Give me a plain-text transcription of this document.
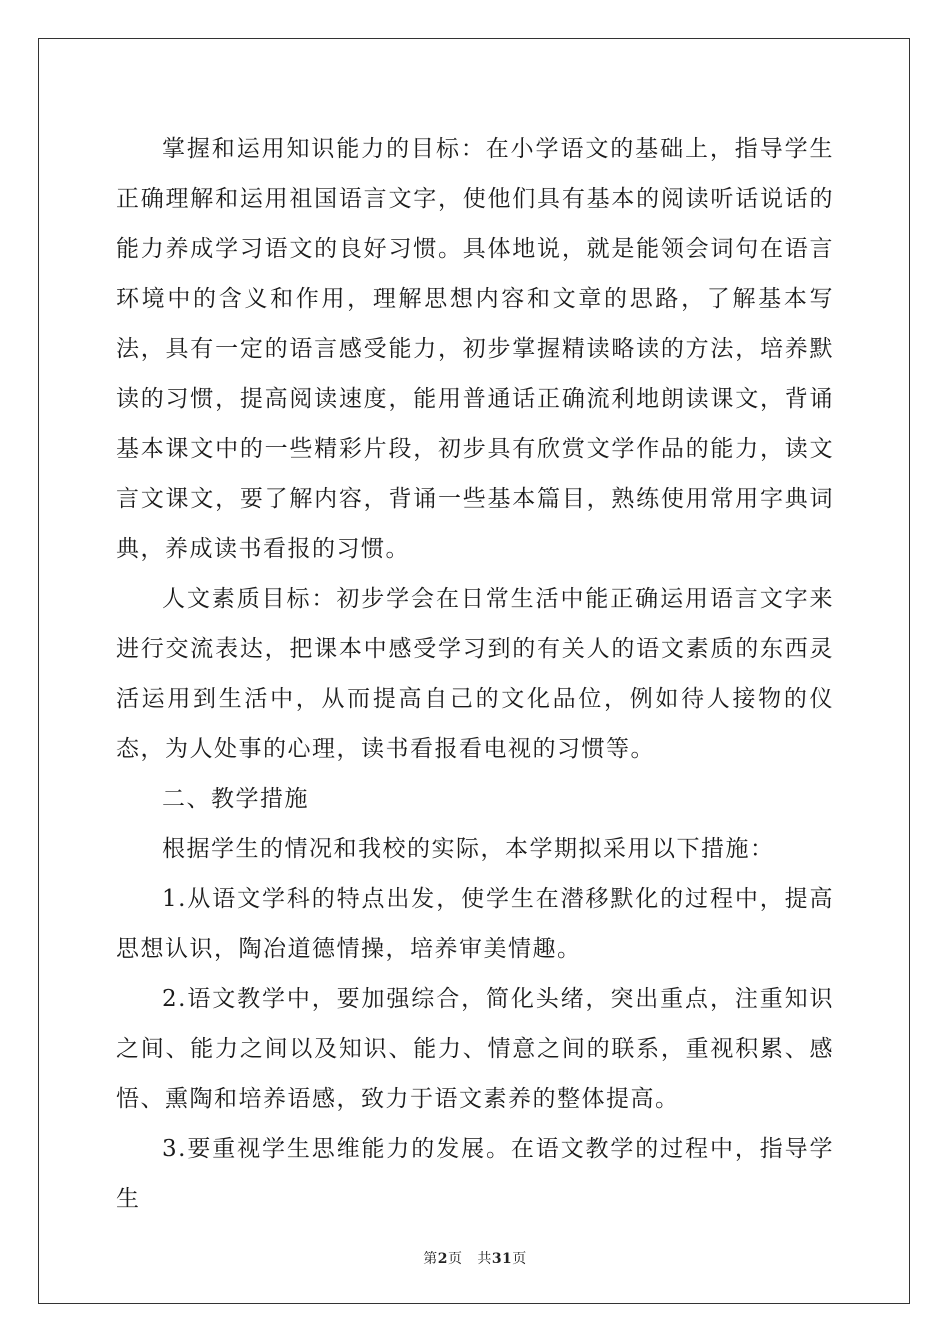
掌握和运用知识能力的目标：在小学语文的基础上，指导学生正确理解和运用祖国语言文字，使他们具有基本的阅读听话说话的能力养成学习语文的良好习惯。具体地说，就是能领会词句在语言环境中的含义和作用，理解思想内容和文章的思路，了解基本写法，具有一定的语言感受能力，初步掌握精读略读的方法，培养默读的习惯，提高阅读速度，能用普通话正确流利地朗读课文，背诵基本课文中的一些精彩片段，初步具有欣赏文学作品的能力，读文言文课文，要了解内容，背诵一些基本篇目，熟练使用常用字典词典，养成读书看报的习惯。

人文素质目标：初步学会在日常生活中能正确运用语言文字来进行交流表达，把课本中感受学习到的有关人的语文素质的东西灵活运用到生活中，从而提高自己的文化品位，例如待人接物的仪态，为人处事的心理，读书看报看电视的习惯等。

二、教学措施

根据学生的情况和我校的实际，本学期拟采用以下措施：

1.从语文学科的特点出发，使学生在潜移默化的过程中，提高思想认识，陶冶道德情操，培养审美情趣。

2.语文教学中，要加强综合，简化头绪，突出重点，注重知识之间、能力之间以及知识、能力、情意之间的联系，重视积累、感悟、熏陶和培养语感，致力于语文素养的整体提高。

3.要重视学生思维能力的发展。在语文教学的过程中，指导学生

第2页 共31页
